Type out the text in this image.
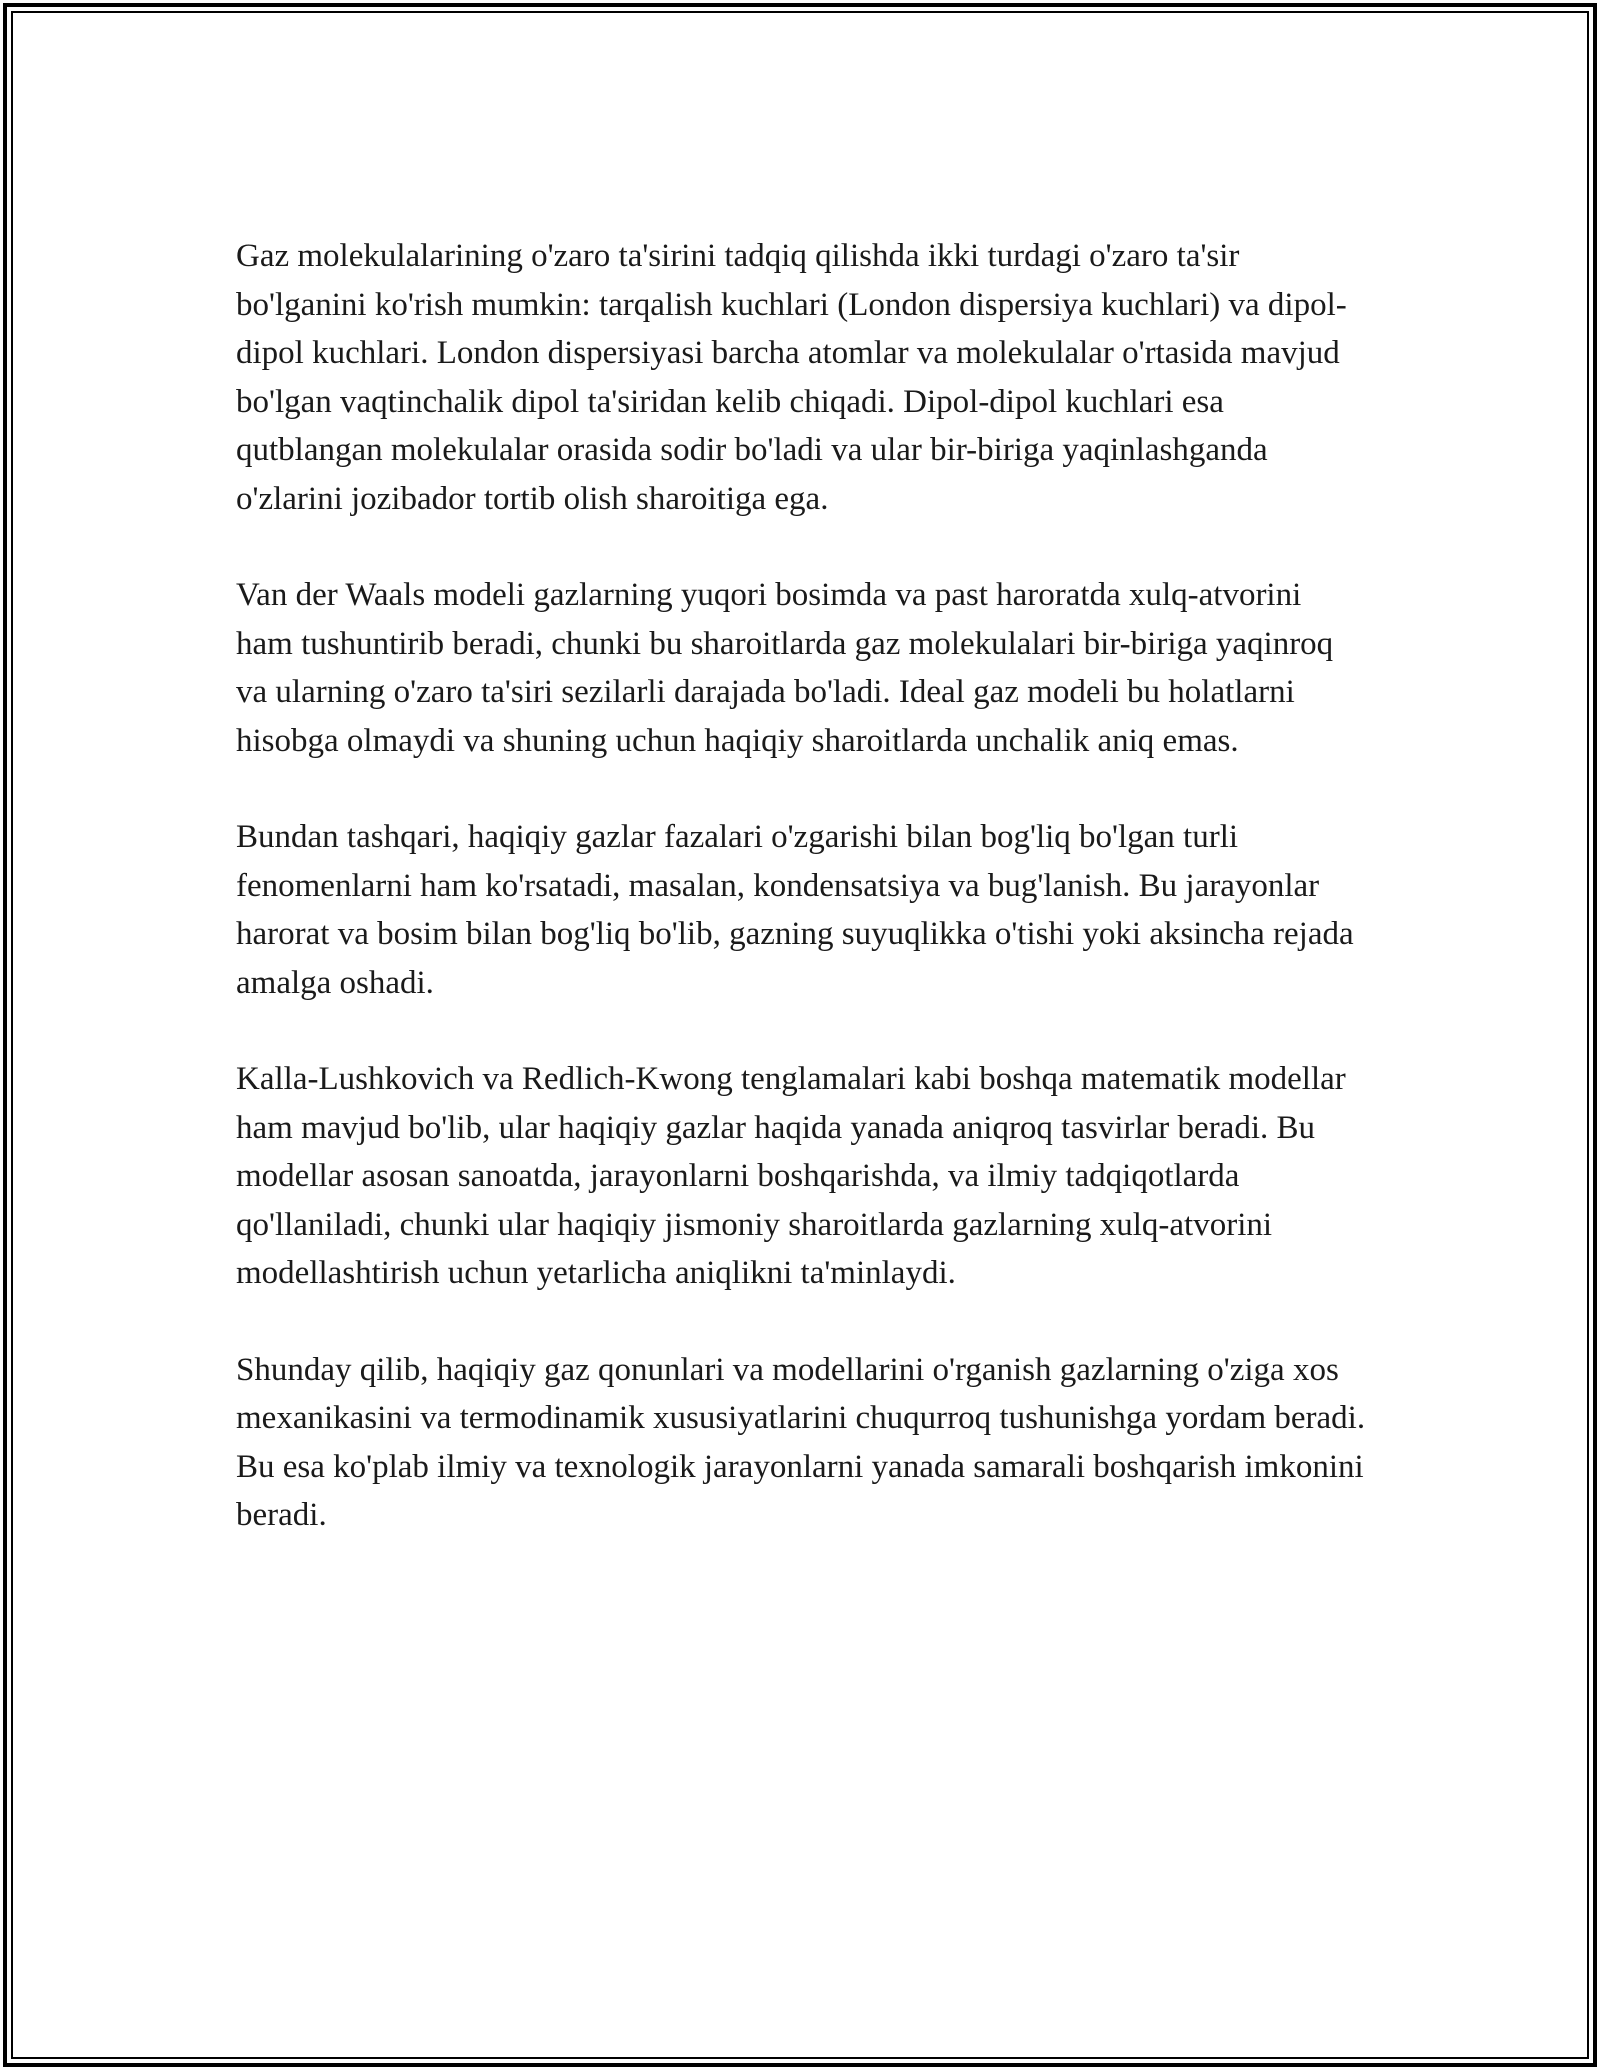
Gaz molekulalarining o'zaro ta'sirini tadqiq qilishda ikki turdagi o'zaro ta'sir bo'lganini ko'rish mumkin: tarqalish kuchlari (London dispersiya kuchlari) va dipol-dipol kuchlari. London dispersiyasi barcha atomlar va molekulalar o'rtasida mavjud bo'lgan vaqtinchalik dipol ta'siridan kelib chiqadi. Dipol-dipol kuchlari esa qutblangan molekulalar orasida sodir bo'ladi va ular bir-biriga yaqinlashganda o'zlarini jozibador tortib olish sharoitiga ega.

Van der Waals modeli gazlarning yuqori bosimda va past haroratda xulq-atvorini ham tushuntirib beradi, chunki bu sharoitlarda gaz molekulalari bir-biriga yaqinroq va ularning o'zaro ta'siri sezilarli darajada bo'ladi. Ideal gaz modeli bu holatlarni hisobga olmaydi va shuning uchun haqiqiy sharoitlarda unchalik aniq emas.

Bundan tashqari, haqiqiy gazlar fazalari o'zgarishi bilan bog'liq bo'lgan turli fenomenlarni ham ko'rsatadi, masalan, kondensatsiya va bug'lanish. Bu jarayonlar harorat va bosim bilan bog'liq bo'lib, gazning suyuqlikka o'tishi yoki aksincha rejada amalga oshadi.

Kalla-Lushkovich va Redlich-Kwong tenglamalari kabi boshqa matematik modellar ham mavjud bo'lib, ular haqiqiy gazlar haqida yanada aniqroq tasvirlar beradi. Bu modellar asosan sanoatda, jarayonlarni boshqarishda, va ilmiy tadqiqotlarda qo'llaniladi, chunki ular haqiqiy jismoniy sharoitlarda gazlarning xulq-atvorini modellashtirish uchun yetarlicha aniqlikni ta'minlaydi.

Shunday qilib, haqiqiy gaz qonunlari va modellarini o'rganish gazlarning o'ziga xos mexanikasini va termodinamik xususiyatlarini chuqurroq tushunishga yordam beradi. Bu esa ko'plab ilmiy va texnologik jarayonlarni yanada samarali boshqarish imkonini beradi.
